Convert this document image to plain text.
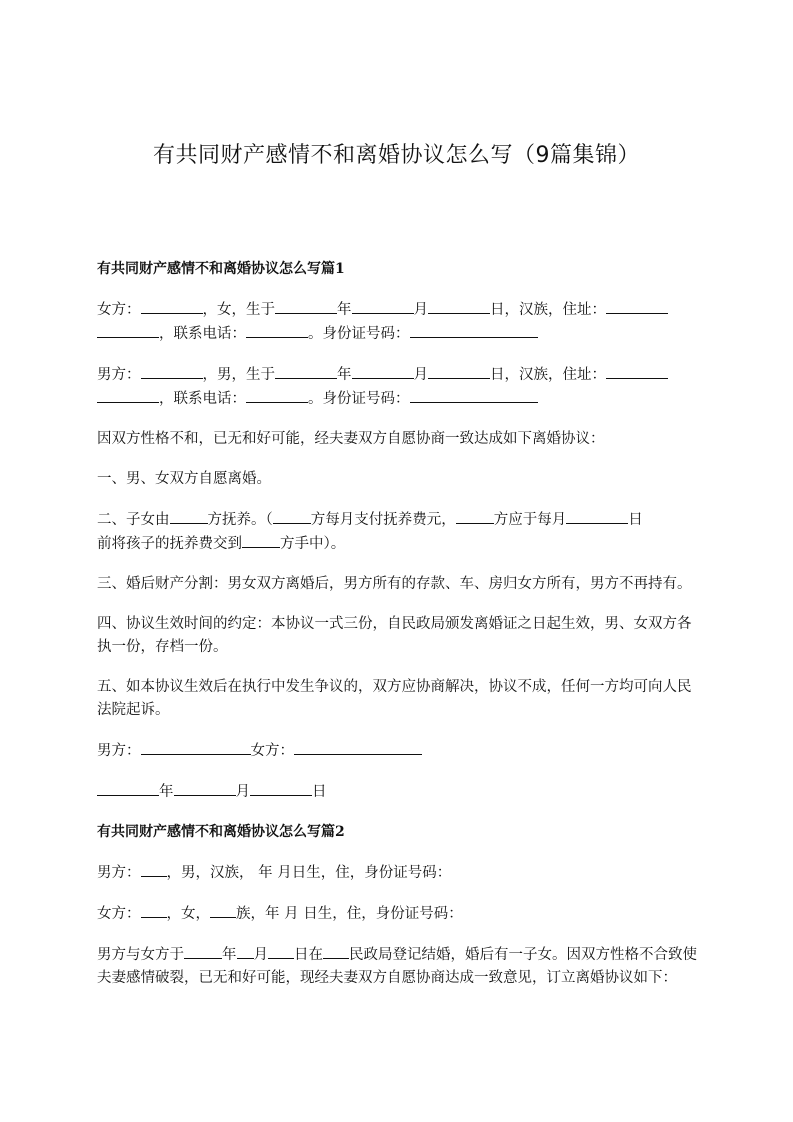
有共同财产感情不和离婚协议怎么写（9篇集锦）
有共同财产感情不和离婚协议怎么写篇1

女方：	，女，生于	年	月	日，汉族，住址：，联系电话：	。身份证号码：

男方：	，男，生于	年	月	日，汉族，住址：，联系电话：	。身份证号码：

因双方性格不和，已无和好可能，经夫妻双方自愿协商一致达成如下离婚协议：

一、男、女双方自愿离婚。

二、子女由	方抚养。（	方每月支付抚养费元，	方应于每月	日
前将孩子的抚养费交到	方手中）。

三、婚后财产分割：男女双方离婚后，男方所有的存款、车、房归女方所有，男方不再持有。

四、协议生效时间的约定：本协议一式三份，自民政局颁发离婚证之日起生效，男、女双方各执一份，存档一份。

五、如本协议生效后在执行中发生争议的，双方应协商解决，协议不成，任何一方均可向人民法院起诉。

男方：	女方：

年	月	日

有共同财产感情不和离婚协议怎么写篇2

男方： ，男，汉族， 年 月日生，住，身份证号码：

女方： ，女， 族，年 月 日生，住，身份证号码：

男方与女方于	年 月 日在 民政局登记结婚，婚后有一子女。因双方性格不合致使夫妻感情破裂，已无和好可能，现经夫妻双方自愿协商达成一致意见，订立离婚协议如下：
